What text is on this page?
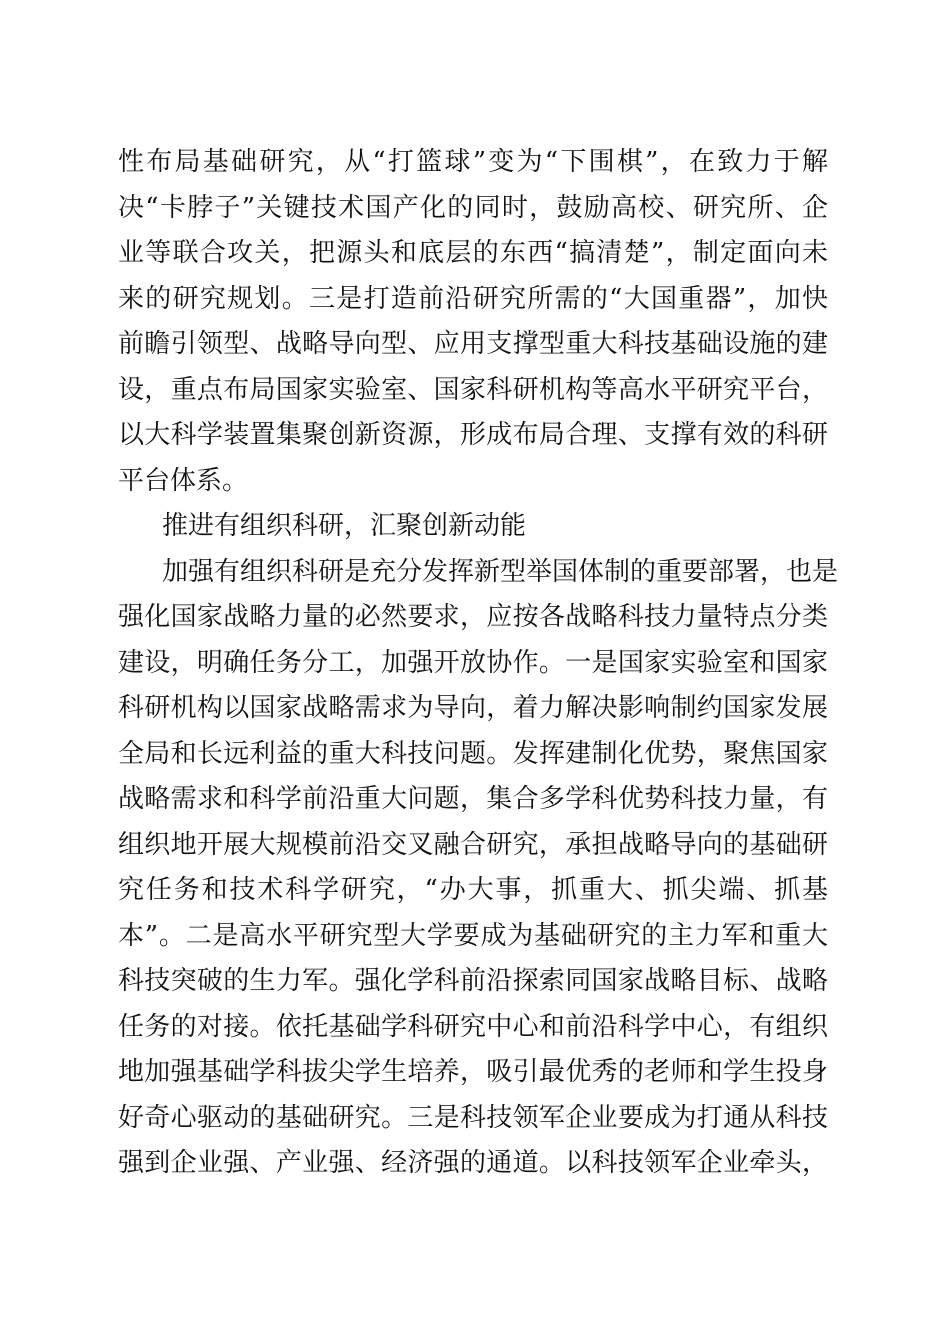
性布局基础研究，从“打篮球”变为“下围棋”，在致力于解
决“卡脖子”关键技术国产化的同时，鼓励高校、研究所、企
业等联合攻关，把源头和底层的东西“搞清楚”，制定面向未
来的研究规划。三是打造前沿研究所需的“大国重器”，加快
前瞻引领型、战略导向型、应用支撑型重大科技基础设施的建
设，重点布局国家实验室、国家科研机构等高水平研究平台，
以大科学装置集聚创新资源，形成布局合理、支撑有效的科研
平台体系。
推进有组织科研，汇聚创新动能
加强有组织科研是充分发挥新型举国体制的重要部署，也是
强化国家战略力量的必然要求，应按各战略科技力量特点分类
建设，明确任务分工，加强开放协作。一是国家实验室和国家
科研机构以国家战略需求为导向，着力解决影响制约国家发展
全局和长远利益的重大科技问题。发挥建制化优势，聚焦国家
战略需求和科学前沿重大问题，集合多学科优势科技力量，有
组织地开展大规模前沿交叉融合研究，承担战略导向的基础研
究任务和技术科学研究，“办大事，抓重大、抓尖端、抓基
本”。二是高水平研究型大学要成为基础研究的主力军和重大
科技突破的生力军。强化学科前沿探索同国家战略目标、战略
任务的对接。依托基础学科研究中心和前沿科学中心，有组织
地加强基础学科拔尖学生培养，吸引最优秀的老师和学生投身
好奇心驱动的基础研究。三是科技领军企业要成为打通从科技
强到企业强、产业强、经济强的通道。以科技领军企业牵头，
